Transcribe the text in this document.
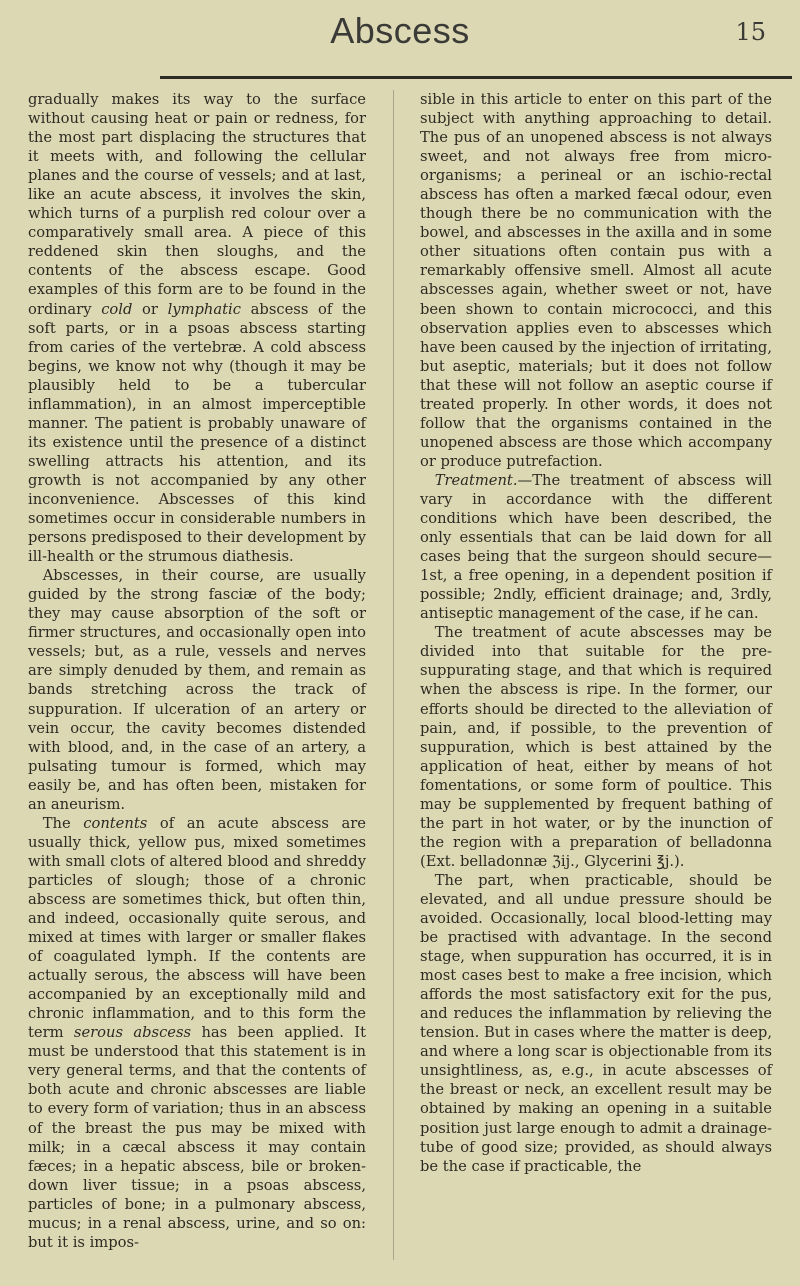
Abscess	15

gradually makes its way to the surface without causing heat or pain or redness, for the most part displacing the structures that it meets with, and following the cellular planes and the course of vessels; and at last, like an acute abscess, it involves the skin, which turns of a purplish red colour over a comparatively small area. A piece of this reddened skin then sloughs, and the contents of the abscess escape. Good examples of this form are to be found in the ordinary cold or lymphatic abscess of the soft parts, or in a psoas abscess starting from caries of the vertebræ. A cold abscess begins, we know not why (though it may be plausibly held to be a tubercular inflammation), in an almost imperceptible manner. The patient is probably unaware of its existence until the presence of a distinct swelling attracts his attention, and its growth is not accompanied by any other inconvenience. Abscesses of this kind sometimes occur in considerable numbers in persons predisposed to their development by ill-health or the strumous diathesis.

Abscesses, in their course, are usually guided by the strong fasciæ of the body; they may cause absorption of the soft or firmer structures, and occasionally open into vessels; but, as a rule, vessels and nerves are simply denuded by them, and remain as bands stretching across the track of suppuration. If ulceration of an artery or vein occur, the cavity becomes distended with blood, and, in the case of an artery, a pulsating tumour is formed, which may easily be, and has often been, mistaken for an aneurism.

The contents of an acute abscess are usually thick, yellow pus, mixed sometimes with small clots of altered blood and shreddy particles of slough; those of a chronic abscess are sometimes thick, but often thin, and indeed, occasionally quite serous, and mixed at times with larger or smaller flakes of coagulated lymph. If the contents are actually serous, the abscess will have been accompanied by an exceptionally mild and chronic inflammation, and to this form the term serous abscess has been applied. It must be understood that this statement is in very general terms, and that the contents of both acute and chronic abscesses are liable to every form of variation; thus in an abscess of the breast the pus may be mixed with milk; in a cæcal abscess it may contain fæces; in a hepatic abscess, bile or broken-down liver tissue; in a psoas abscess, particles of bone; in a pulmonary abscess, mucus; in a renal abscess, urine, and so on: but it is impos-

sible in this article to enter on this part of the subject with anything approaching to detail. The pus of an unopened abscess is not always sweet, and not always free from micro-organisms; a perineal or an ischio-rectal abscess has often a marked fæcal odour, even though there be no communication with the bowel, and abscesses in the axilla and in some other situations often contain pus with a remarkably offensive smell. Almost all acute abscesses again, whether sweet or not, have been shown to contain micrococci, and this observation applies even to abscesses which have been caused by the injection of irritating, but aseptic, materials; but it does not follow that these will not follow an aseptic course if treated properly. In other words, it does not follow that the organisms contained in the unopened abscess are those which accompany or produce putrefaction.

Treatment.—The treatment of abscess will vary in accordance with the different conditions which have been described, the only essentials that can be laid down for all cases being that the surgeon should secure—1st, a free opening, in a dependent position if possible; 2ndly, efficient drainage; and, 3rdly, antiseptic management of the case, if he can.

The treatment of acute abscesses may be divided into that suitable for the pre-suppurating stage, and that which is required when the abscess is ripe. In the former, our efforts should be directed to the alleviation of pain, and, if possible, to the prevention of suppuration, which is best attained by the application of heat, either by means of hot fomentations, or some form of poultice. This may be supplemented by frequent bathing of the part in hot water, or by the inunction of the region with a preparation of belladonna (Ext. belladonnæ ℨij., Glycerini ℥j.).

The part, when practicable, should be elevated, and all undue pressure should be avoided. Occasionally, local blood-letting may be practised with advantage. In the second stage, when suppuration has occurred, it is in most cases best to make a free incision, which affords the most satisfactory exit for the pus, and reduces the inflammation by relieving the tension. But in cases where the matter is deep, and where a long scar is objectionable from its unsightliness, as, e.g., in acute abscesses of the breast or neck, an excellent result may be obtained by making an opening in a suitable position just large enough to admit a drainage-tube of good size; provided, as should always be the case if practicable, the
